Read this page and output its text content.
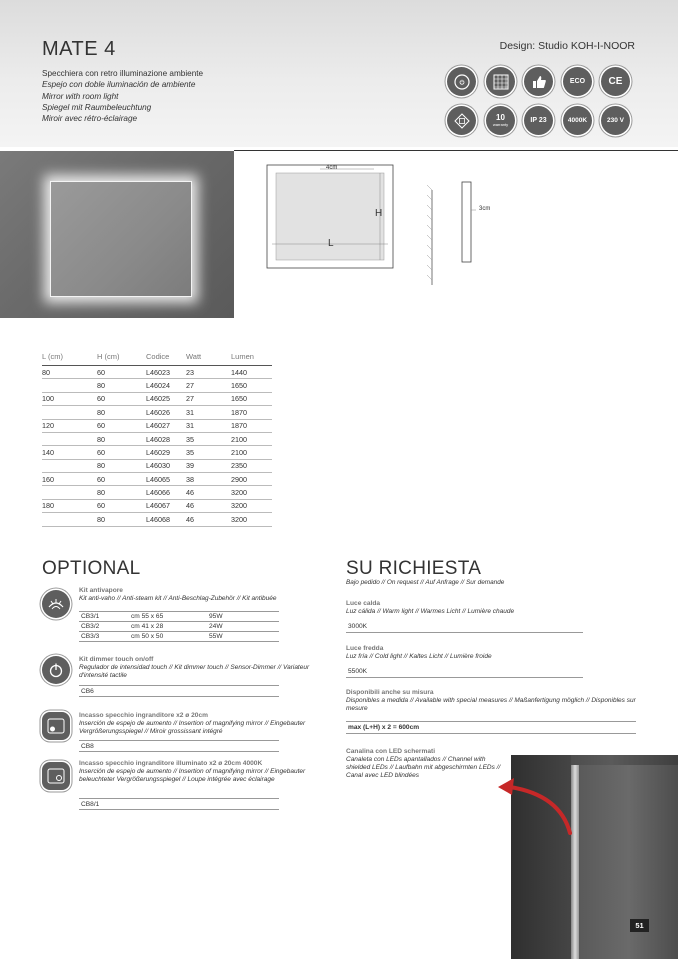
MATE 4	Design: Studio KOH-I-NOOR
Specchiera con retro illuminazione ambiente
Espejo con doble iluminación de ambiente
Mirror with room light
Spiegel mit Raumbeleuchtung
Miroir avec rétro-éclairage
⏻	ECO CE
10
warranty	IP 23	4000K	230 V
4cm
H
L
3cm
L (cm)	H (cm)	Codice	Watt	Lumen
80	60	L46023	23	1440
	80	L46024	27	1650
100	60	L46025	27	1650
	80	L46026	31	1870
120	60	L46027	31	1870
	80	L46028	35	2100
140	60	L46029	35	2100
	80	L46030	39	2350
160	60	L46065	38	2900
	80	L46066	46	3200
180	60	L46067	46	3200
	80	L46068	46	3200
OPTIONAL
Kit antivapore
Kit anti-vaho // Anti-steam kit // Anti-Beschlag-Zubehör // Kit antibuée
CB3/1	cm 55 x 65	95W
CB3/2	cm 41 x 28	24W
CB3/3	cm 50 x 50	55W
Kit dimmer touch on/off
Regulador de intensidad touch // Kit dimmer touch // Sensor-Dimmer // Variateur d'intensité tactile
CB6
Incasso specchio ingranditore x2 ø 20cm
Inserción de espejo de aumento // Insertion of magnifying mirror // Eingebauter Vergrößerungsspiegel // Miroir grossissant intégré
CB8
Incasso specchio ingranditore illuminato x2 ø 20cm 4000K
Inserción de espejo de aumento // Insertion of magnifying mirror // Eingebauter beleuchteter Vergrößerungsspiegel // Loupe intégrée avec éclairage
CB8/1
SU RICHIESTA
Bajo pedido // On request // Auf Anfrage // Sur demande
Luce calda
Luz cálida // Warm light // Warmes Licht // Lumière chaude
3000K
Luce fredda
Luz fría // Cold light // Kaltes Licht // Lumière froide
5500K
Disponibili anche su misura
Disponibles a medida // Available with special measures // Maßanfertigung möglich // Disponibles sur mesure
max (L+H) x 2 = 600cm
Canalina con LED schermati
Canaleta con LEDs apantallados // Channel with shielded LEDs // Laufbahn mit abgeschirmten LEDs // Canal avec LED blindées
51
